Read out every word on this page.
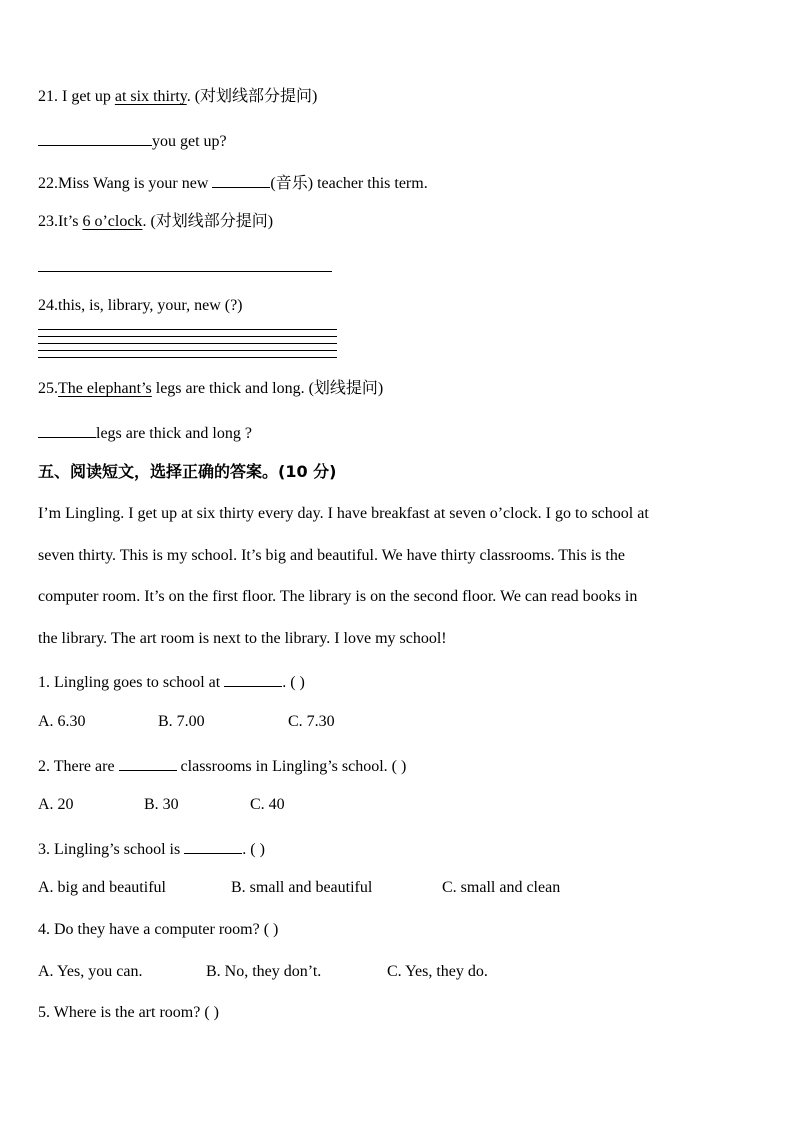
21. I get up at six thirty. (对划线部分提问)
you get up?
22.Miss Wang is your new	(音乐) teacher this term.
23.It’s 6 o’clock. (对划线部分提问)
24.this, is, library, your, new (?)
25.The elephant’s legs are thick and long. (划线提问)
legs are thick and long ?
五、阅读短文，选择正确的答案。(10 分)
I’m Lingling. I get up at six thirty every day. I have breakfast at seven o’clock. I go to school at
seven thirty. This is my school. It’s big and beautiful. We have thirty classrooms. This is the
computer room. It’s on the first floor. The library is on the second floor. We can read books in
the library. The art room is next to the library. I love my school!
1. Lingling goes to school at	. ( )
A. 6.30	B. 7.00	C. 7.30
2. There are	classrooms in Lingling’s school. ( )
A. 20	B. 30	C. 40
3. Lingling’s school is	. ( )
A. big and beautiful	B. small and beautiful	C. small and clean
4. Do they have a computer room? ( )
A. Yes, you can.	B. No, they don’t.	C. Yes, they do.
5. Where is the art room? ( )
